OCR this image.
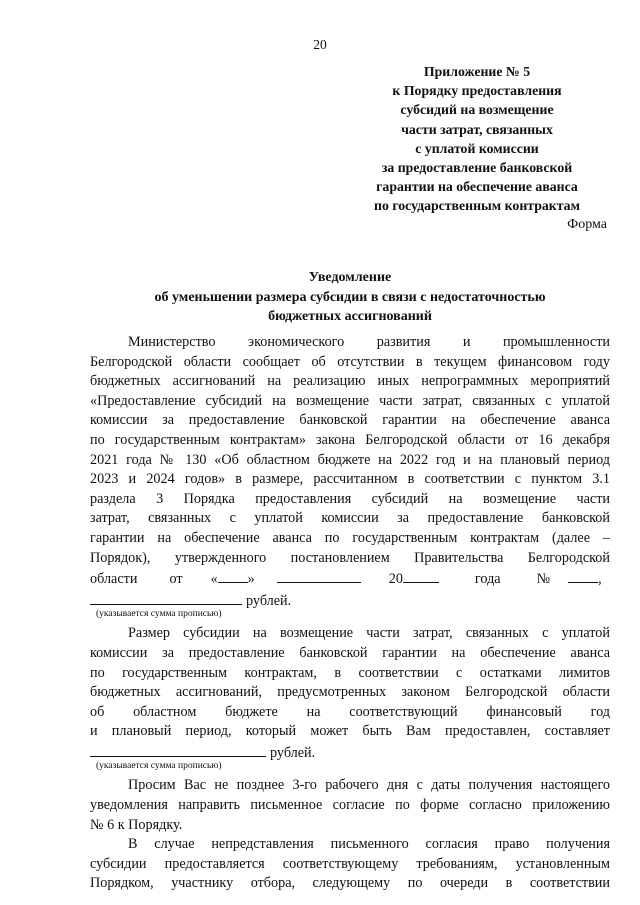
20
Приложение № 5
к Порядку предоставления
субсидий на возмещение
части затрат, связанных
с уплатой комиссии
за предоставление банковской
гарантии на обеспечение аванса
по государственным контрактам
Форма
Уведомление
об уменьшении размера субсидии в связи с недостаточностью
бюджетных ассигнований
Министерство экономического развития и промышленности
Белгородской области сообщает об отсутствии в текущем финансовом году
бюджетных ассигнований на реализацию иных непрограммных мероприятий
«Предоставление субсидий на возмещение части затрат, связанных с уплатой
комиссии за предоставление банковской гарантии на обеспечение аванса
по государственным контрактам» закона Белгородской области от 16 декабря
2021 года № 130 «Об областном бюджете на 2022 год и на плановый период
2023 и 2024 годов» в размере, рассчитанном в соответствии с пунктом 3.1
раздела 3 Порядка предоставления субсидий на возмещение части
затрат, связанных с уплатой комиссии за предоставление банковской
гарантии на обеспечение аванса по государственным контрактам (далее –
Порядок), утвержденного постановлением Правительства Белгородской
области от « »	20	года	№	,
рублей.
(указывается сумма прописью)
Размер субсидии на возмещение части затрат, связанных с уплатой
комиссии за предоставление банковской гарантии на обеспечение аванса
по государственным контрактам, в соответствии с остатками лимитов
бюджетных ассигнований, предусмотренных законом Белгородской области
об областном бюджете на соответствующий финансовый год
и плановый период, который может быть Вам предоставлен, составляет
рублей.
(указывается сумма прописью)
Просим Вас не позднее 3-го рабочего дня с даты получения настоящего
уведомления направить письменное согласие по форме согласно приложению
№ 6 к Порядку.
В случае непредставления письменного согласия право получения
субсидии предоставляется соответствующему требованиям, установленным
Порядком, участнику отбора, следующему по очереди в соответствии
